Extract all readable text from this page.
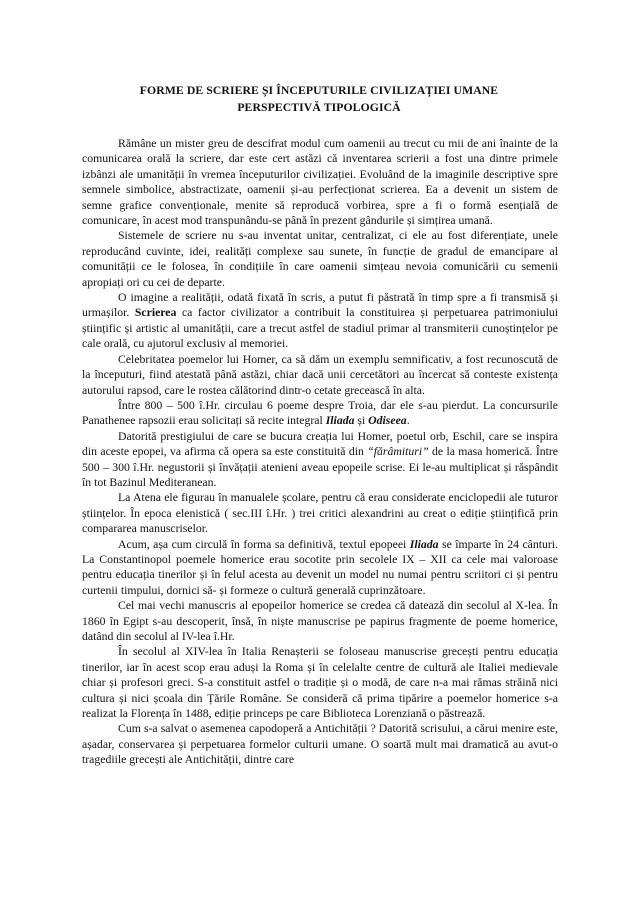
FORME DE SCRIERE ȘI ÎNCEPUTURILE CIVILIZAȚIEI UMANE
PERSPECTIVĂ TIPOLOGICĂ

Rămâne un mister greu de descifrat modul cum oamenii au trecut cu mii de ani înainte de la comunicarea orală la scriere, dar este cert astăzi că inventarea scrierii a fost una dintre primele izbânzi ale umanității în vremea începuturilor civilizației. Evoluând de la imaginile descriptive spre semnele simbolice, abstractizate, oamenii și-au perfecționat scrierea. Ea a devenit un sistem de semne grafice convenționale, menite să reproducă vorbirea, spre a fi o formă esențială de comunicare, în acest mod transpunându-se până în prezent gândurile și simțirea umană.

Sistemele de scriere nu s-au inventat unitar, centralizat, ci ele au fost diferențiate, unele reproducând cuvinte, idei, realități complexe sau sunete, în funcție de gradul de emancipare al comunității ce le folosea, în condițiile în care oamenii simțeau nevoia comunicării cu semenii apropiați ori cu cei de departe.

O imagine a realității, odată fixată în scris, a putut fi păstrată în timp spre a fi transmisă și urmașilor. Scrierea ca factor civilizator a contribuit la constituirea și perpetuarea patrimoniului științific și artistic al umanității, care a trecut astfel de stadiul primar al transmiterii cunoștințelor pe cale orală, cu ajutorul exclusiv al memoriei.

Celebritatea poemelor lui Homer, ca să dăm un exemplu semnificativ, a fost recunoscută de la începuturi, fiind atestată până astăzi, chiar dacă unii cercetători au încercat să conteste existența autorului rapsod, care le rostea călătorind dintr-o cetate grecească în alta.

Între 800 – 500 î.Hr. circulau 6 poeme despre Troia, dar ele s-au pierdut. La concursurile Panathenee rapsozii erau solicitați să recite integral Iliada și Odiseea.

Datorită prestigiului de care se bucura creația lui Homer, poetul orb, Eschil, care se inspira din aceste epopei, va afirma că opera sa este constituită din “fărâmituri” de la masa homerică. Între 500 – 300 î.Hr. negustorii și învățații atenieni aveau epopeile scrise. Ei le-au multiplicat și răspândit în tot Bazinul Mediteranean.

La Atena ele figurau în manualele școlare, pentru că erau considerate enciclopedii ale tuturor științelor. În epoca elenistică ( sec.III î.Hr. ) trei critici alexandrini au creat o ediție științifică prin compararea manuscriselor.

Acum, așa cum circulă în forma sa definitivă, textul epopeei Iliada se împarte în 24 cânturi. La Constantinopol poemele homerice erau socotite prin secolele IX – XII ca cele mai valoroase pentru educația tinerilor și în felul acesta au devenit un model nu numai pentru scriitori ci și pentru curtenii timpului, dornici să- și formeze o cultură generală cuprinzătoare.

Cel mai vechi manuscris al epopeilor homerice se credea că datează din secolul al X-lea. În 1860 în Egipt s-au descoperit, însă, în niște manuscrise pe papirus fragmente de poeme homerice, datând din secolul al IV-lea î.Hr.

În secolul al XIV-lea în Italia Renașterii se foloseau manuscrise grecești pentru educația tinerilor, iar în acest scop erau aduși la Roma și în celelalte centre de cultură ale Italiei medievale chiar și profesori greci. S-a constituit astfel o tradiție și o modă, de care n-a mai rămas străină nici cultura și nici școala din Țările Române. Se consideră că prima tipărire a poemelor homerice s-a realizat la Florența în 1488, ediție princeps pe care Biblioteca Lorenziană o păstrează.

Cum s-a salvat o asemenea capodoperă a Antichității ? Datorită scrisului, a cărui menire este, așadar, conservarea și perpetuarea formelor culturii umane. O soartă mult mai dramatică au avut-o tragediile grecești ale Antichității, dintre care
